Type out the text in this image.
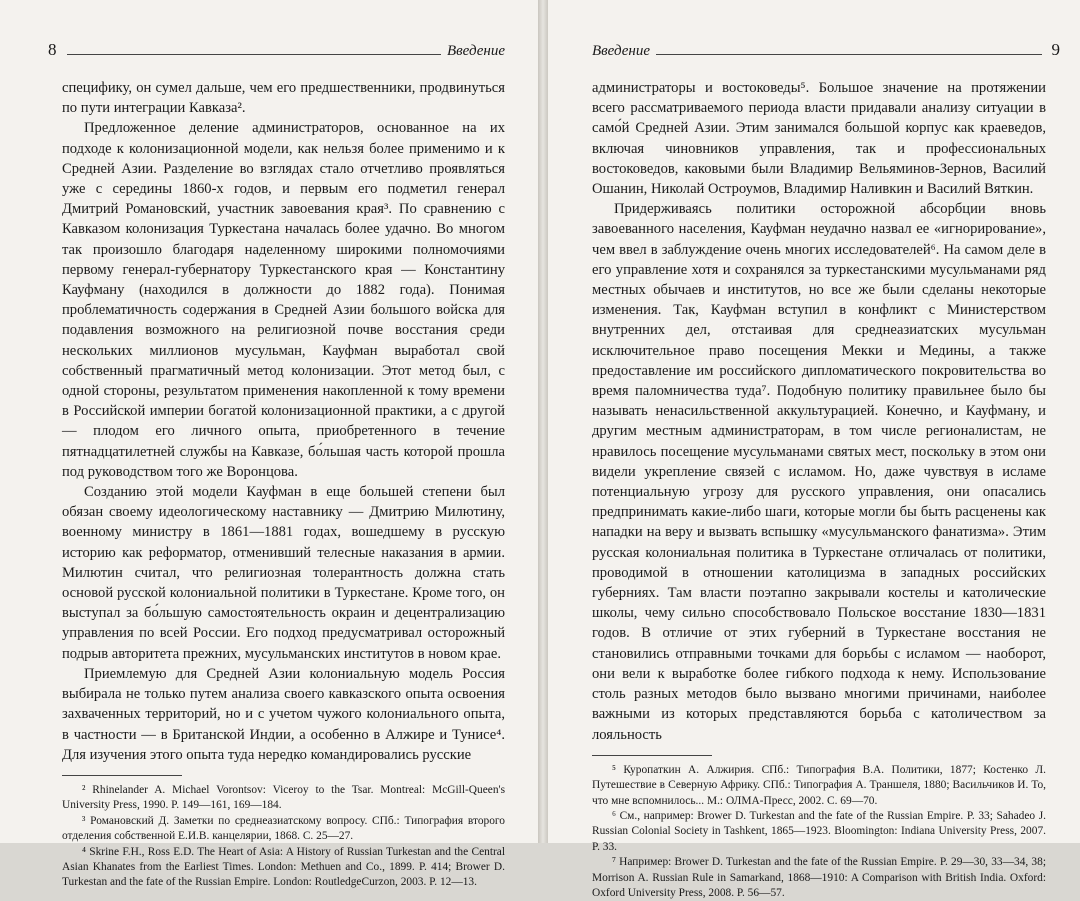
8	Введение

специфику, он сумел дальше, чем его предшественники, продвинуться по пути интеграции Кавказа².

Предложенное деление администраторов, основанное на их подходе к колонизационной модели, как нельзя более применимо и к Средней Азии. Разделение во взглядах стало отчетливо проявляться уже с середины 1860-х годов, и первым его подметил генерал Дмитрий Романовский, участник завоевания края³. По сравнению с Кавказом колонизация Туркестана началась более удачно. Во многом так произошло благодаря наделенному широкими полномочиями первому генерал-губернатору Туркестанского края — Константину Кауфману (находился в должности до 1882 года). Понимая проблематичность содержания в Средней Азии большого войска для подавления возможного на религиозной почве восстания среди нескольких миллионов мусульман, Кауфман выработал свой собственный прагматичный метод колонизации. Этот метод был, с одной стороны, результатом применения накопленной к тому времени в Российской империи богатой колонизационной практики, а с другой — плодом его личного опыта, приобретенного в течение пятнадцатилетней службы на Кавказе, бо́льшая часть которой прошла под руководством того же Воронцова.

Созданию этой модели Кауфман в еще большей степени был обязан своему идеологическому наставнику — Дмитрию Милютину, военному министру в 1861—1881 годах, вошедшему в русскую историю как реформатор, отменивший телесные наказания в армии. Милютин считал, что религиозная толерантность должна стать основой русской колониальной политики в Туркестане. Кроме того, он выступал за бо́льшую самостоятельность окраин и децентрализацию управления по всей России. Его подход предусматривал осторожный подрыв авторитета прежних, мусульманских институтов в новом крае.

Приемлемую для Средней Азии колониальную модель Россия выбирала не только путем анализа своего кавказского опыта освоения захваченных территорий, но и с учетом чужого колониального опыта, в частности — в Британской Индии, а особенно в Алжире и Тунисе⁴. Для изучения этого опыта туда нередко командировались русские

² Rhinelander A. Michael Vorontsov: Viceroy to the Tsar. Montreal: McGill-Queen's University Press, 1990. P. 149—161, 169—184.

³ Романовский Д. Заметки по среднеазиатскому вопросу. СПб.: Типография второго отделения собственной Е.И.В. канцелярии, 1868. С. 25—27.

⁴ Skrine F.H., Ross E.D. The Heart of Asia: A History of Russian Turkestan and the Central Asian Khanates from the Earliest Times. London: Methuen and Co., 1899. P. 414; Brower D. Turkestan and the fate of the Russian Empire. London: RoutledgeCurzon, 2003. P. 12—13.

Введение	9

администраторы и востоковеды⁵. Большое значение на протяжении всего рассматриваемого периода власти придавали анализу ситуации в само́й Средней Азии. Этим занимался большой корпус как краеведов, включая чиновников управления, так и профессиональных востоковедов, каковыми были Владимир Вельяминов-Зернов, Василий Ошанин, Николай Остроумов, Владимир Наливкин и Василий Вяткин.

Придерживаясь политики осторожной абсорбции вновь завоеванного населения, Кауфман неудачно назвал ее «игнорирование», чем ввел в заблуждение очень многих исследователей⁶. На самом деле в его управление хотя и сохранялся за туркестанскими мусульманами ряд местных обычаев и институтов, но все же были сделаны некоторые изменения. Так, Кауфман вступил в конфликт с Министерством внутренних дел, отстаивая для среднеазиатских мусульман исключительное право посещения Мекки и Медины, а также предоставление им российского дипломатического покровительства во время паломничества туда⁷. Подобную политику правильнее было бы называть ненасильственной аккультурацией. Конечно, и Кауфману, и другим местным администраторам, в том числе регионалистам, не нравилось посещение мусульманами святых мест, поскольку в этом они видели укрепление связей с исламом. Но, даже чувствуя в исламе потенциальную угрозу для русского управления, они опасались предпринимать какие-либо шаги, которые могли бы быть расценены как нападки на веру и вызвать вспышку «мусульманского фанатизма». Этим русская колониальная политика в Туркестане отличалась от политики, проводимой в отношении католицизма в западных российских губерниях. Там власти поэтапно закрывали костелы и католические школы, чему сильно способствовало Польское восстание 1830—1831 годов. В отличие от этих губерний в Туркестане восстания не становились отправными точками для борьбы с исламом — наоборот, они вели к выработке более гибкого подхода к нему. Использование столь разных методов было вызвано многими причинами, наиболее важными из которых представляются борьба с католичеством за лояльность

⁵ Куропаткин А. Алжирия. СПб.: Типография В.А. Политики, 1877; Костенко Л. Путешествие в Северную Африку. СПб.: Типография А. Траншеля, 1880; Васильчиков И. То, что мне вспомнилось... М.: ОЛМА-Пресс, 2002. С. 69—70.

⁶ См., например: Brower D. Turkestan and the fate of the Russian Empire. P. 33; Sahadeo J. Russian Colonial Society in Tashkent, 1865—1923. Bloomington: Indiana University Press, 2007. P. 33.

⁷ Например: Brower D. Turkestan and the fate of the Russian Empire. P. 29—30, 33—34, 38; Morrison A. Russian Rule in Samarkand, 1868—1910: A Comparison with British India. Oxford: Oxford University Press, 2008. P. 56—57.
